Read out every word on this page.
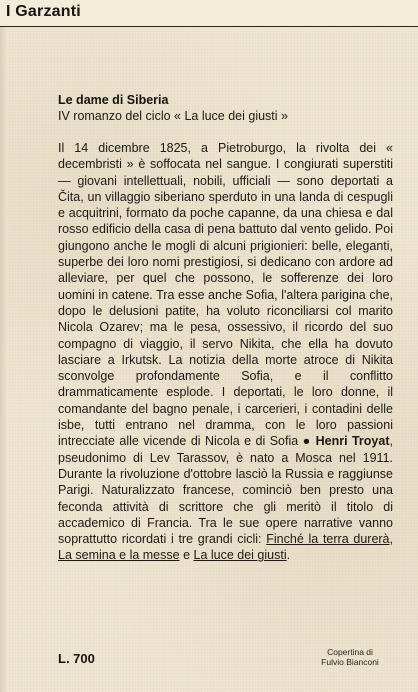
I Garzanti
Le dame di Siberia
IV romanzo del ciclo « La luce dei giusti »

Il 14 dicembre 1825, a Pietroburgo, la rivolta dei « decembristi » è soffocata nel sangue. I congiurati superstiti — giovani intellettuali, nobili, ufficiali — sono deportati a Čita, un villaggio siberiano sperduto in una landa di cespugli e acquitrini, formato da poche capanne, da una chiesa e dal rosso edificio della casa di pena battuto dal vento gelido. Poi giungono anche le mogli di alcuni prigionieri: belle, eleganti, superbe dei loro nomi prestigiosi, si dedicano con ardore ad alleviare, per quel che possono, le sofferenze dei loro uomini in catene. Tra esse anche Sofia, l'altera parigina che, dopo le delusioni patite, ha voluto riconciliarsi col marito Nicola Ozarev; ma le pesa, ossessivo, il ricordo del suo compagno di viaggio, il servo Nikita, che ella ha dovuto lasciare a Irkutsk. La notizia della morte atroce di Nikita sconvolge profondamente Sofia, e il conflitto drammaticamente esplode. I deportati, le loro donne, il comandante del bagno penale, i carcerieri, i contadini delle isbe, tutti entrano nel dramma, con le loro passioni intrecciate alle vicende di Nicola e di Sofia ● Henri Troyat, pseudonimo di Lev Tarassov, è nato a Mosca nel 1911. Durante la rivoluzione d'ottobre lasciò la Russia e raggiunse Parigi. Naturalizzato francese, cominciò ben presto una feconda attività di scrittore che gli meritò il titolo di accademico di Francia. Tra le sue opere narrative vanno soprattutto ricordati i tre grandi cicli: Finché la terra durerà, La semina e la messe e La luce dei giusti.

L. 700	Copertina di
Fulvio Bianconi
